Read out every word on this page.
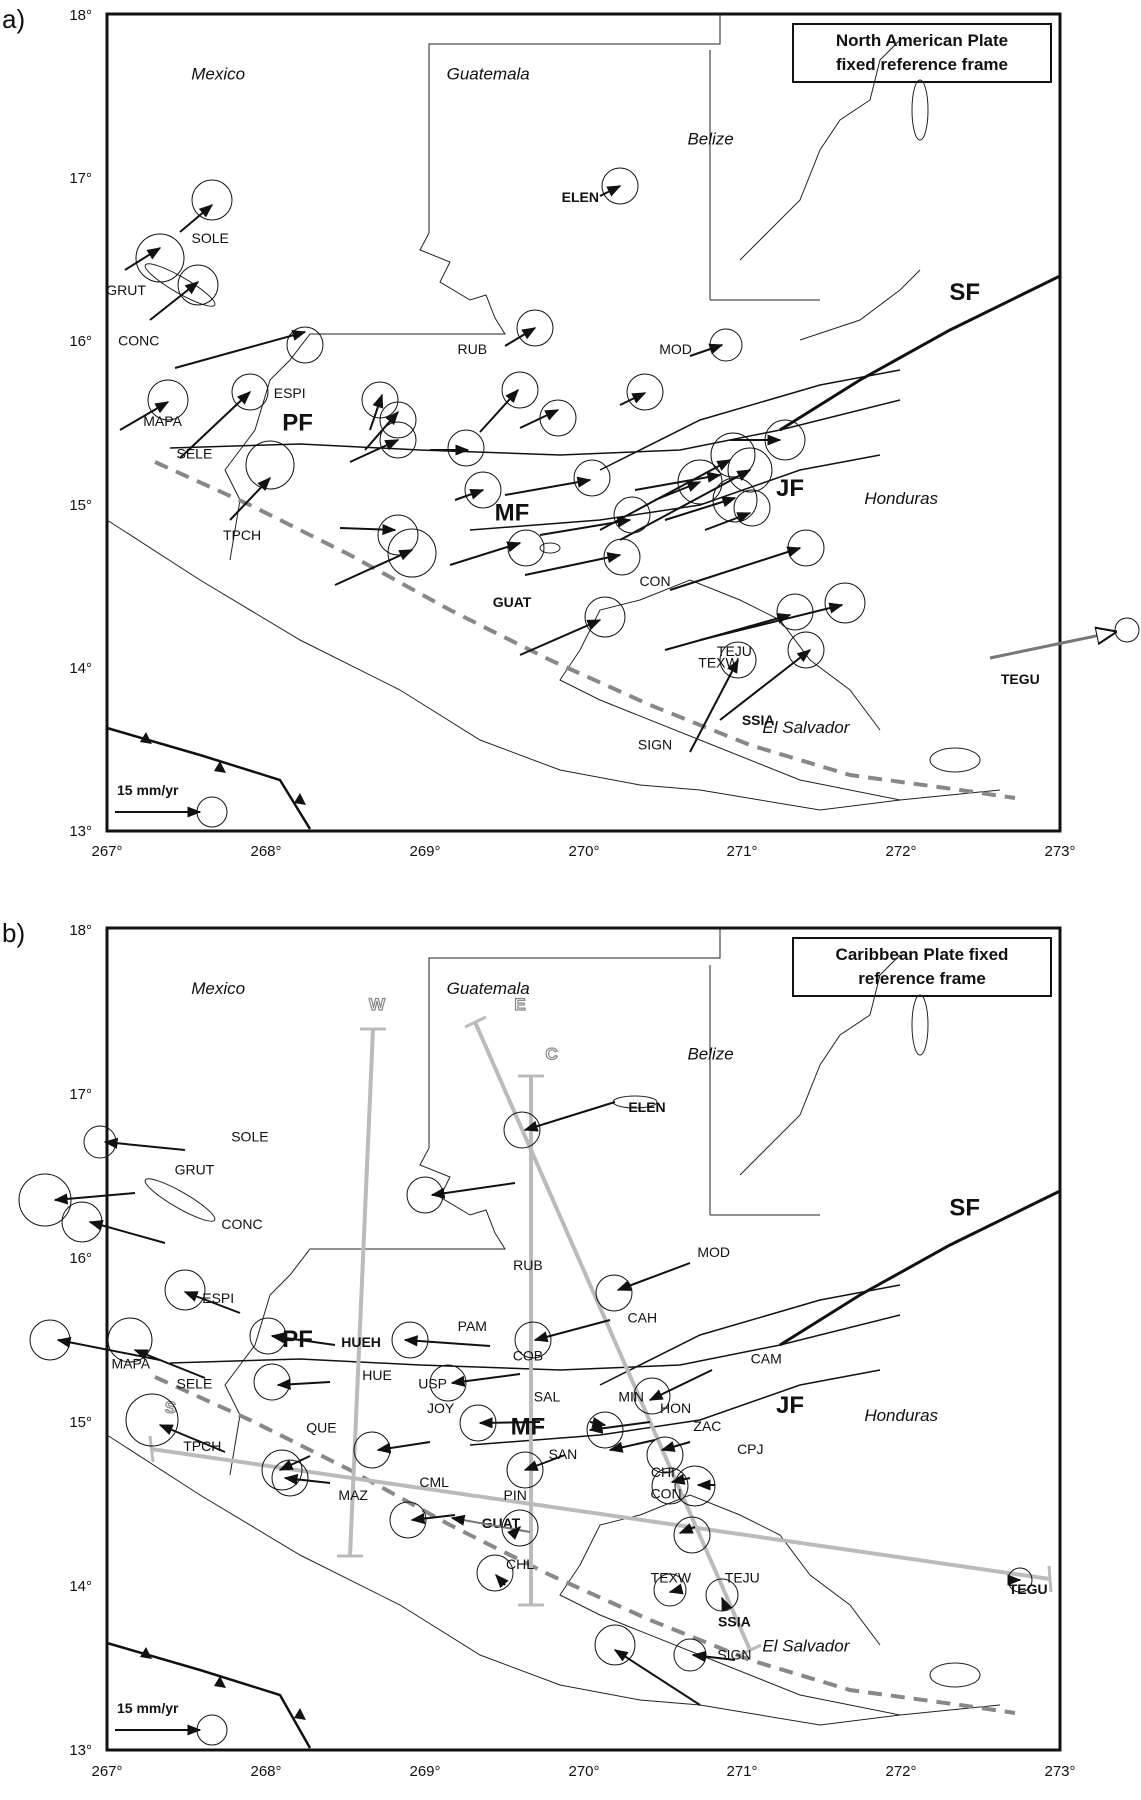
a)
North American Plate
fixed reference frame
Mexico	Guatemala
Belize
Honduras
El Salvador
SF
PF
MF
JF
SOLE
GRUT
CONC
ESPI
MAPA
SELE
TPCH
ELEN
RUB	MOD
GUAT
CON
TEXW
TEJU
SSIA
SIGN
TEGU
15 mm/yr
13°
14°
15°
16°
17°
18°
267°	268°	269°	270°	271°	272°	273°
b)
Caribbean Plate fixed
reference frame
Mexico	Guatemala
Belize
Honduras
El Salvador
SF
PF
JF
MF
W	E
C
S
SOLE
GRUT
CONC
ESPI
MAPA
SELE
TPCH
HUEH
HUE
QUE
MAZ
ELEN
RUB
MOD
PAM
CAH
COB
USP
SAL
JOY
MIN
HON
CAM
ZAC
SAN	CPJ
CHI
CML
PIN	CON
GUAT
CHL
TEXW TEJU
SSIA
SIGN
TEGU
15 mm/yr
13°
14°
15°
16°
17°
18°
267°	268°	269°	270°	271°	272°	273°
